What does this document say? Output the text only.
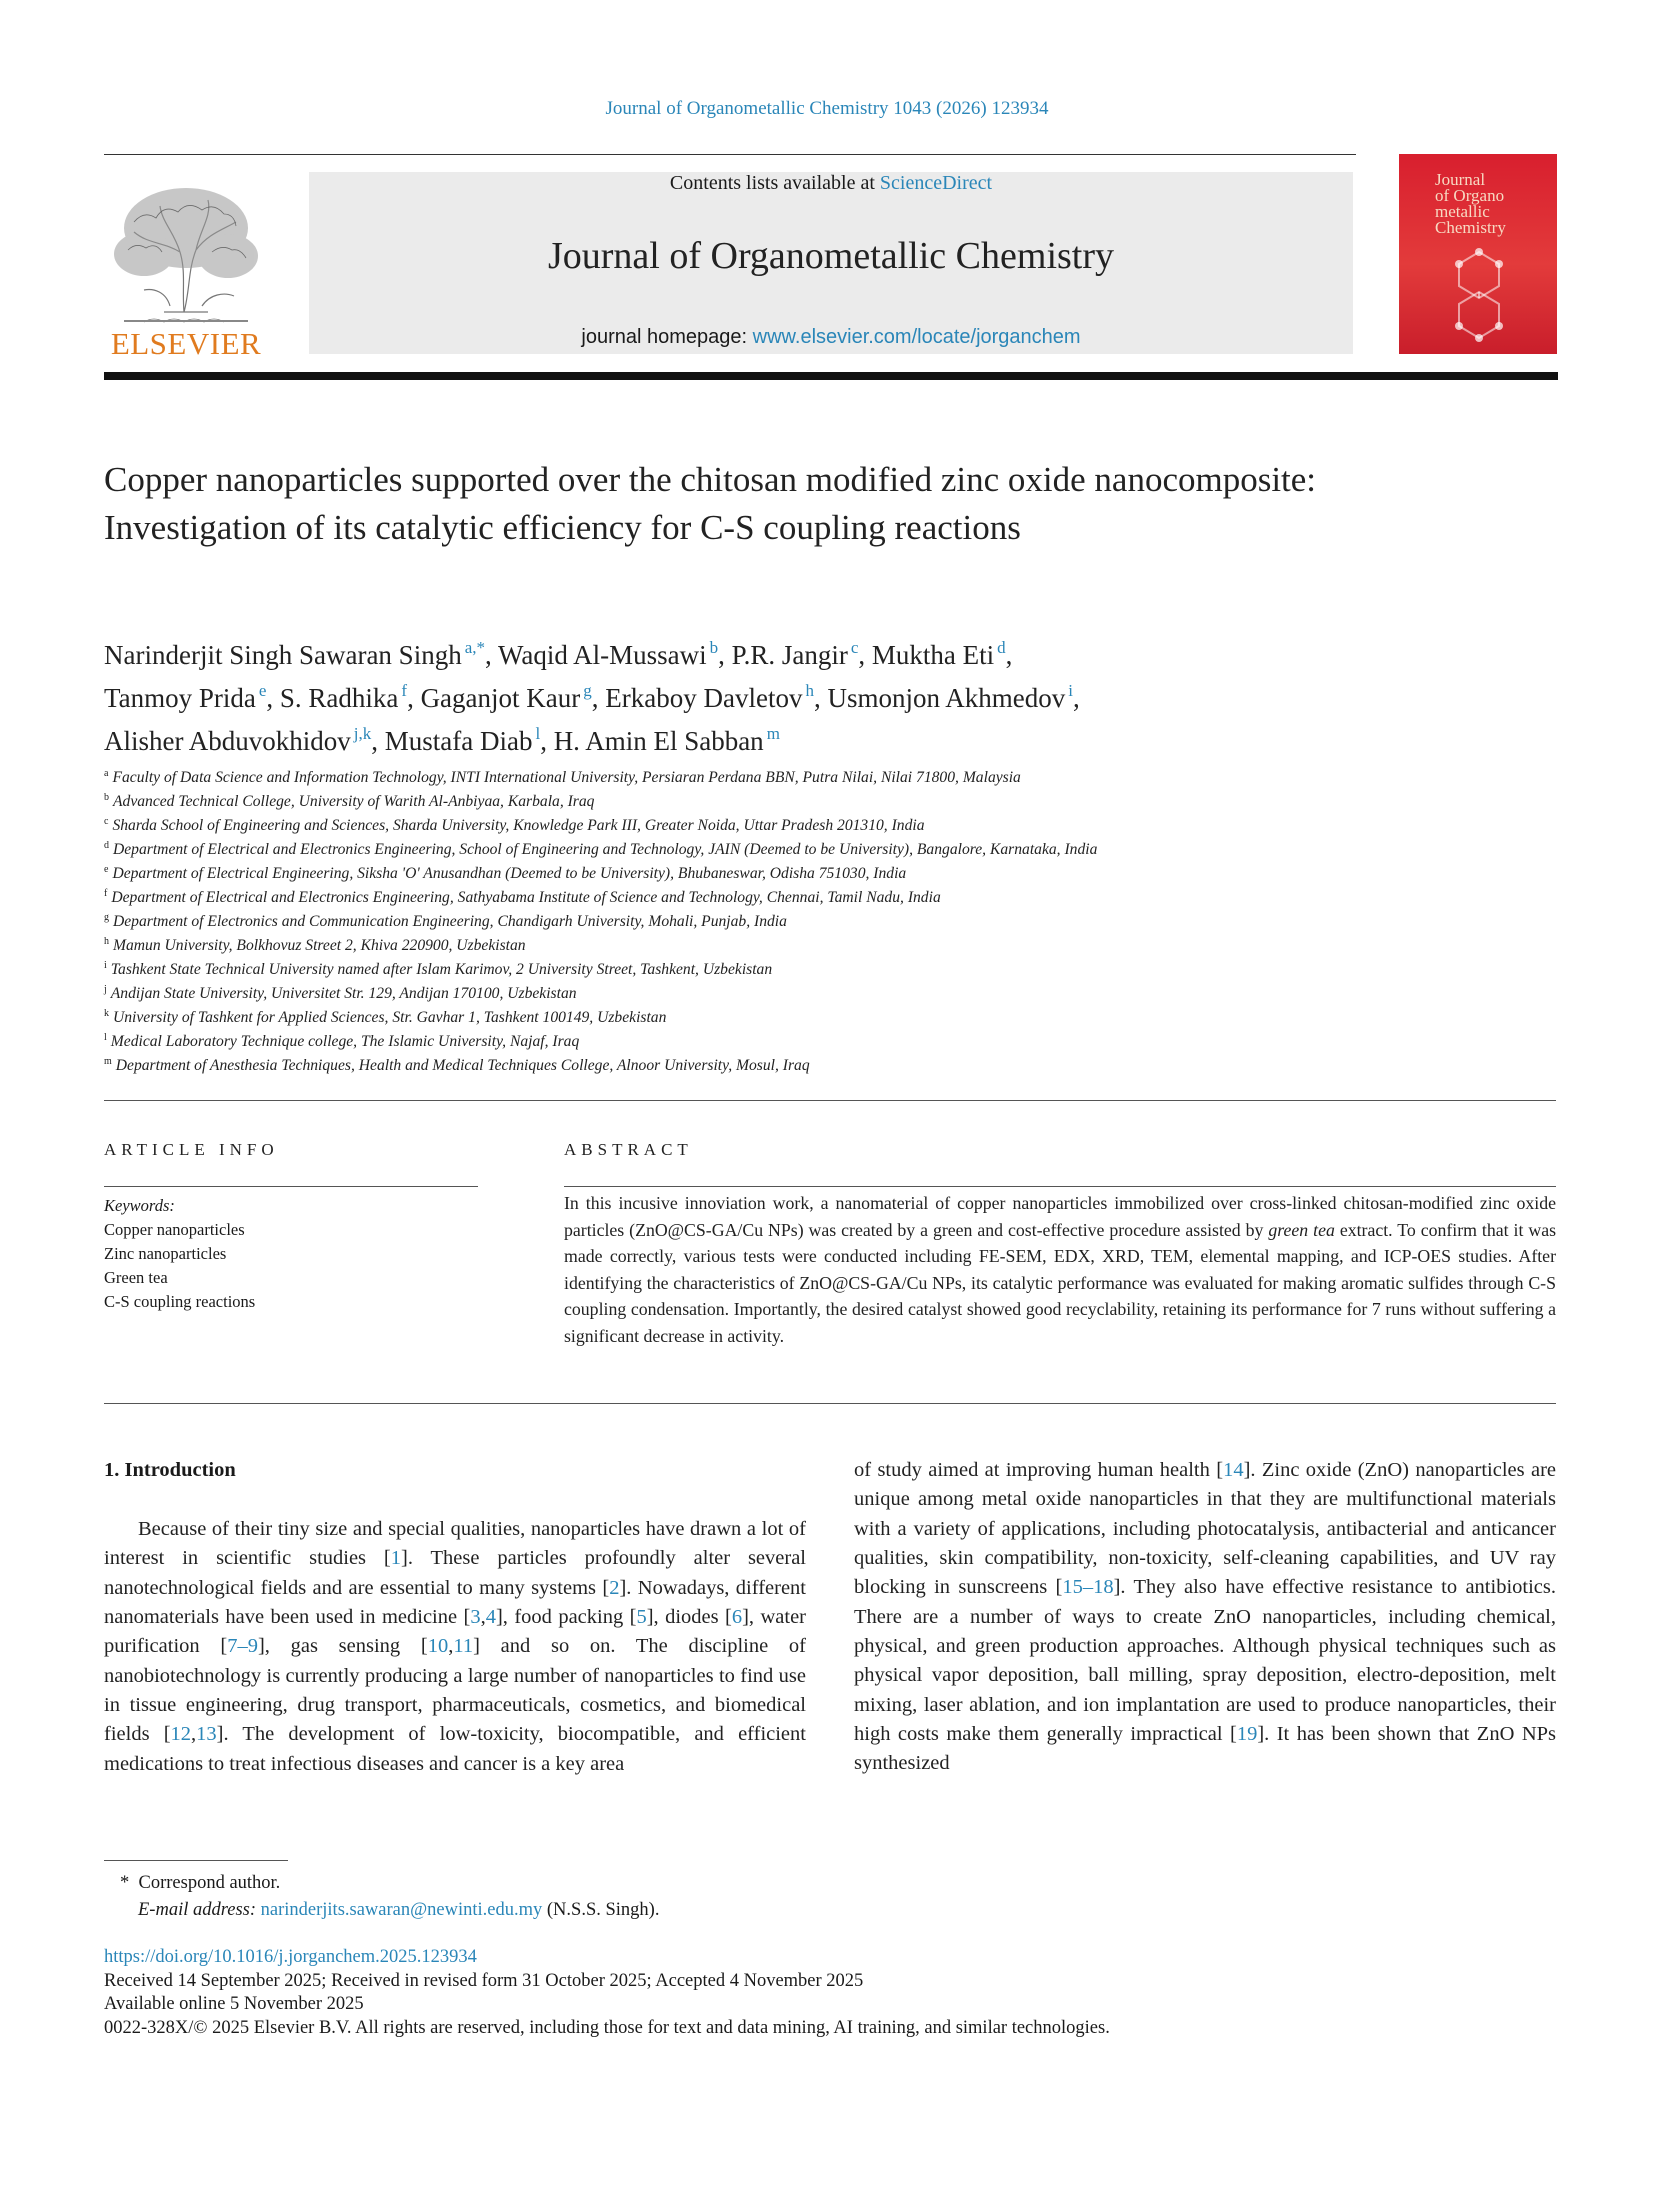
Journal of Organometallic Chemistry 1043 (2026) 123934
ELSEVIER
Contents lists available at ScienceDirect
Journal of Organometallic Chemistry
journal homepage: www.elsevier.com/locate/jorganchem
Journal
of Organo
metallic
Chemistry
Copper nanoparticles supported over the chitosan modified zinc oxide nanocomposite: Investigation of its catalytic efficiency for C-S coupling reactions
Narinderjit Singh Sawaran Singh $^{a,*}$, Waqid Al-Mussawi $^b$, P.R. Jangir $^c$, Muktha Eti $^d$,
Tanmoy Prida $^e$, S. Radhika $^f$, Gaganjot Kaur $^g$, Erkaboy Davletov $^h$, Usmonjon Akhmedov $^i$,
Alisher Abduvokhidov $^{j,k}$, Mustafa Diab $^l$, H. Amin El Sabban $^m$
$^a$ Faculty of Data Science and Information Technology, INTI International University, Persiaran Perdana BBN, Putra Nilai, Nilai 71800, Malaysia
$^b$ Advanced Technical College, University of Warith Al-Anbiyaa, Karbala, Iraq
$^c$ Sharda School of Engineering and Sciences, Sharda University, Knowledge Park III, Greater Noida, Uttar Pradesh 201310, India
$^d$ Department of Electrical and Electronics Engineering, School of Engineering and Technology, JAIN (Deemed to be University), Bangalore, Karnataka, India
$^e$ Department of Electrical Engineering, Siksha 'O' Anusandhan (Deemed to be University), Bhubaneswar, Odisha 751030, India
$^f$ Department of Electrical and Electronics Engineering, Sathyabama Institute of Science and Technology, Chennai, Tamil Nadu, India
$^g$ Department of Electronics and Communication Engineering, Chandigarh University, Mohali, Punjab, India
$^h$ Mamun University, Bolkhovuz Street 2, Khiva 220900, Uzbekistan
$^i$ Tashkent State Technical University named after Islam Karimov, 2 University Street, Tashkent, Uzbekistan
$^j$ Andijan State University, Universitet Str. 129, Andijan 170100, Uzbekistan
$^k$ University of Tashkent for Applied Sciences, Str. Gavhar 1, Tashkent 100149, Uzbekistan
$^l$ Medical Laboratory Technique college, The Islamic University, Najaf, Iraq
$^m$ Department of Anesthesia Techniques, Health and Medical Techniques College, Alnoor University, Mosul, Iraq
ARTICLE INFO
Keywords:
Copper nanoparticles
Zinc nanoparticles
Green tea
C-S coupling reactions
ABSTRACT
In this incusive innoviation work, a nanomaterial of copper nanoparticles immobilized over cross-linked chitosan-modified zinc oxide particles (ZnO@CS-GA/Cu NPs) was created by a green and cost-effective procedure assisted by green tea extract. To confirm that it was made correctly, various tests were conducted including FE-SEM, EDX, XRD, TEM, elemental mapping, and ICP-OES studies. After identifying the characteristics of ZnO@CS-GA/Cu NPs, its catalytic performance was evaluated for making aromatic sulfides through C-S coupling condensation. Importantly, the desired catalyst showed good recyclability, retaining its performance for 7 runs without suffering a significant decrease in activity.
1. Introduction

Because of their tiny size and special qualities, nanoparticles have drawn a lot of interest in scientific studies [1]. These particles profoundly alter several nanotechnological fields and are essential to many systems [2]. Nowadays, different nanomaterials have been used in medicine [3,4], food packing [5], diodes [6], water purification [7–9], gas sensing [10,11] and so on. The discipline of nanobiotechnology is currently producing a large number of nanoparticles to find use in tissue engineering, drug transport, pharmaceuticals, cosmetics, and biomedical fields [12,13]. The development of low-toxicity, biocompatible, and efficient medications to treat infectious diseases and cancer is a key area

of study aimed at improving human health [14]. Zinc oxide (ZnO) nanoparticles are unique among metal oxide nanoparticles in that they are multifunctional materials with a variety of applications, including photocatalysis, antibacterial and anticancer qualities, skin compatibility, non-toxicity, self-cleaning capabilities, and UV ray blocking in sunscreens [15–18]. They also have effective resistance to antibiotics. There are a number of ways to create ZnO nanoparticles, including chemical, physical, and green production approaches. Although physical techniques such as physical vapor deposition, ball milling, spray deposition, electro-deposition, melt mixing, laser ablation, and ion implantation are used to produce nanoparticles, their high costs make them generally impractical [19]. It has been shown that ZnO NPs synthesized

* Correspond author.
E-mail address: narinderjits.sawaran@newinti.edu.my (N.S.S. Singh).
https://doi.org/10.1016/j.jorganchem.2025.123934
Received 14 September 2025; Received in revised form 31 October 2025; Accepted 4 November 2025
Available online 5 November 2025
0022-328X/© 2025 Elsevier B.V. All rights are reserved, including those for text and data mining, AI training, and similar technologies.
